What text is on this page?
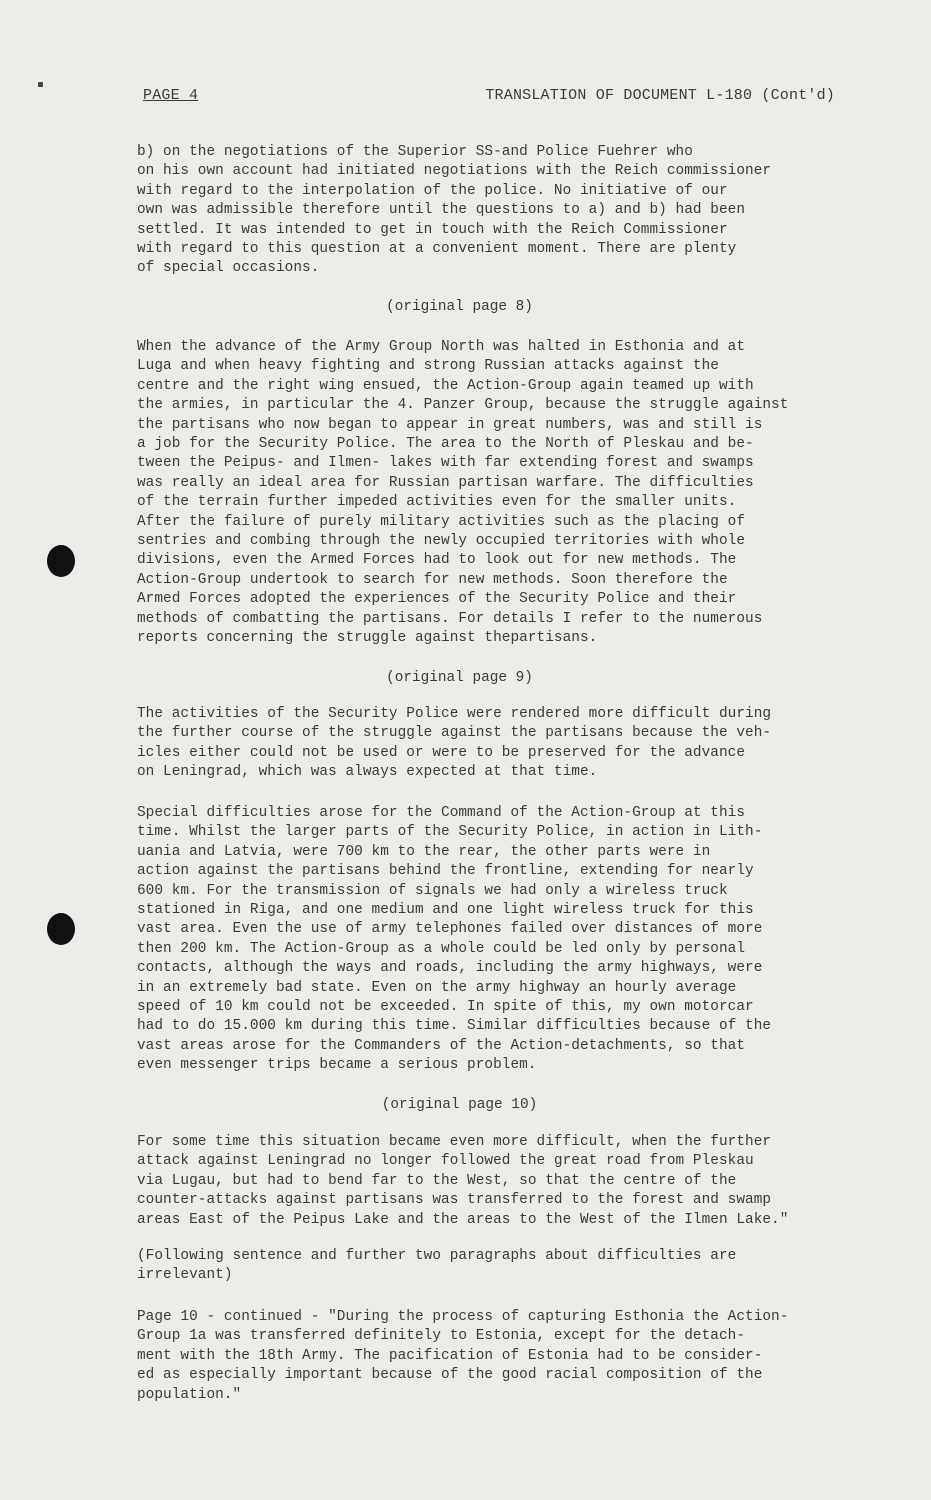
PAGE 4	TRANSLATION OF DOCUMENT L-180 (Cont'd)
b) on the negotiations of the Superior SS-and Police Fuehrer who
on his own account had initiated negotiations with the Reich commissioner
with regard to the interpolation of the police. No initiative of our
own was admissible therefore until the questions to a) and b) had been
settled. It was intended to get in touch with the Reich Commissioner
with regard to this question at a convenient moment. There are plenty
of special occasions.
(original page 8)
When the advance of the Army Group North was halted in Esthonia and at
Luga and when heavy fighting and strong Russian attacks against the
centre and the right wing ensued, the Action-Group again teamed up with
the armies, in particular the 4. Panzer Group, because the struggle against
the partisans who now began to appear in great numbers, was and still is
a job for the Security Police. The area to the North of Pleskau and be-
tween the Peipus- and Ilmen- lakes with far extending forest and swamps
was really an ideal area for Russian partisan warfare. The difficulties
of the terrain further impeded activities even for the smaller units.
After the failure of purely military activities such as the placing of
sentries and combing through the newly occupied territories with whole
divisions, even the Armed Forces had to look out for new methods. The
Action-Group undertook to search for new methods. Soon therefore the
Armed Forces adopted the experiences of the Security Police and their
methods of combatting the partisans. For details I refer to the numerous
reports concerning the struggle against thepartisans.
(original page 9)
The activities of the Security Police were rendered more difficult during
the further course of the struggle against the partisans because the veh-
icles either could not be used or were to be preserved for the advance
on Leningrad, which was always expected at that time.
Special difficulties arose for the Command of the Action-Group at this
time. Whilst the larger parts of the Security Police, in action in Lith-
uania and Latvia, were 700 km to the rear, the other parts were in
action against the partisans behind the frontline, extending for nearly
600 km. For the transmission of signals we had only a wireless truck
stationed in Riga, and one medium and one light wireless truck for this
vast area. Even the use of army telephones failed over distances of more
then 200 km. The Action-Group as a whole could be led only by personal
contacts, although the ways and roads, including the army highways, were
in an extremely bad state. Even on the army highway an hourly average
speed of 10 km could not be exceeded. In spite of this, my own motorcar
had to do 15.000 km during this time. Similar difficulties because of the
vast areas arose for the Commanders of the Action-detachments, so that
even messenger trips became a serious problem.
(original page 10)
For some time this situation became even more difficult, when the further
attack against Leningrad no longer followed the great road from Pleskau
via Lugau, but had to bend far to the West, so that the centre of the
counter-attacks against partisans was transferred to the forest and swamp
areas East of the Peipus Lake and the areas to the West of the Ilmen Lake."
(Following sentence and further two paragraphs about difficulties are
irrelevant)
Page 10 - continued - "During the process of capturing Esthonia the Action-
Group 1a was transferred definitely to Estonia, except for the detach-
ment with the 18th Army. The pacification of Estonia had to be consider-
ed as especially important because of the good racial composition of the
population."
